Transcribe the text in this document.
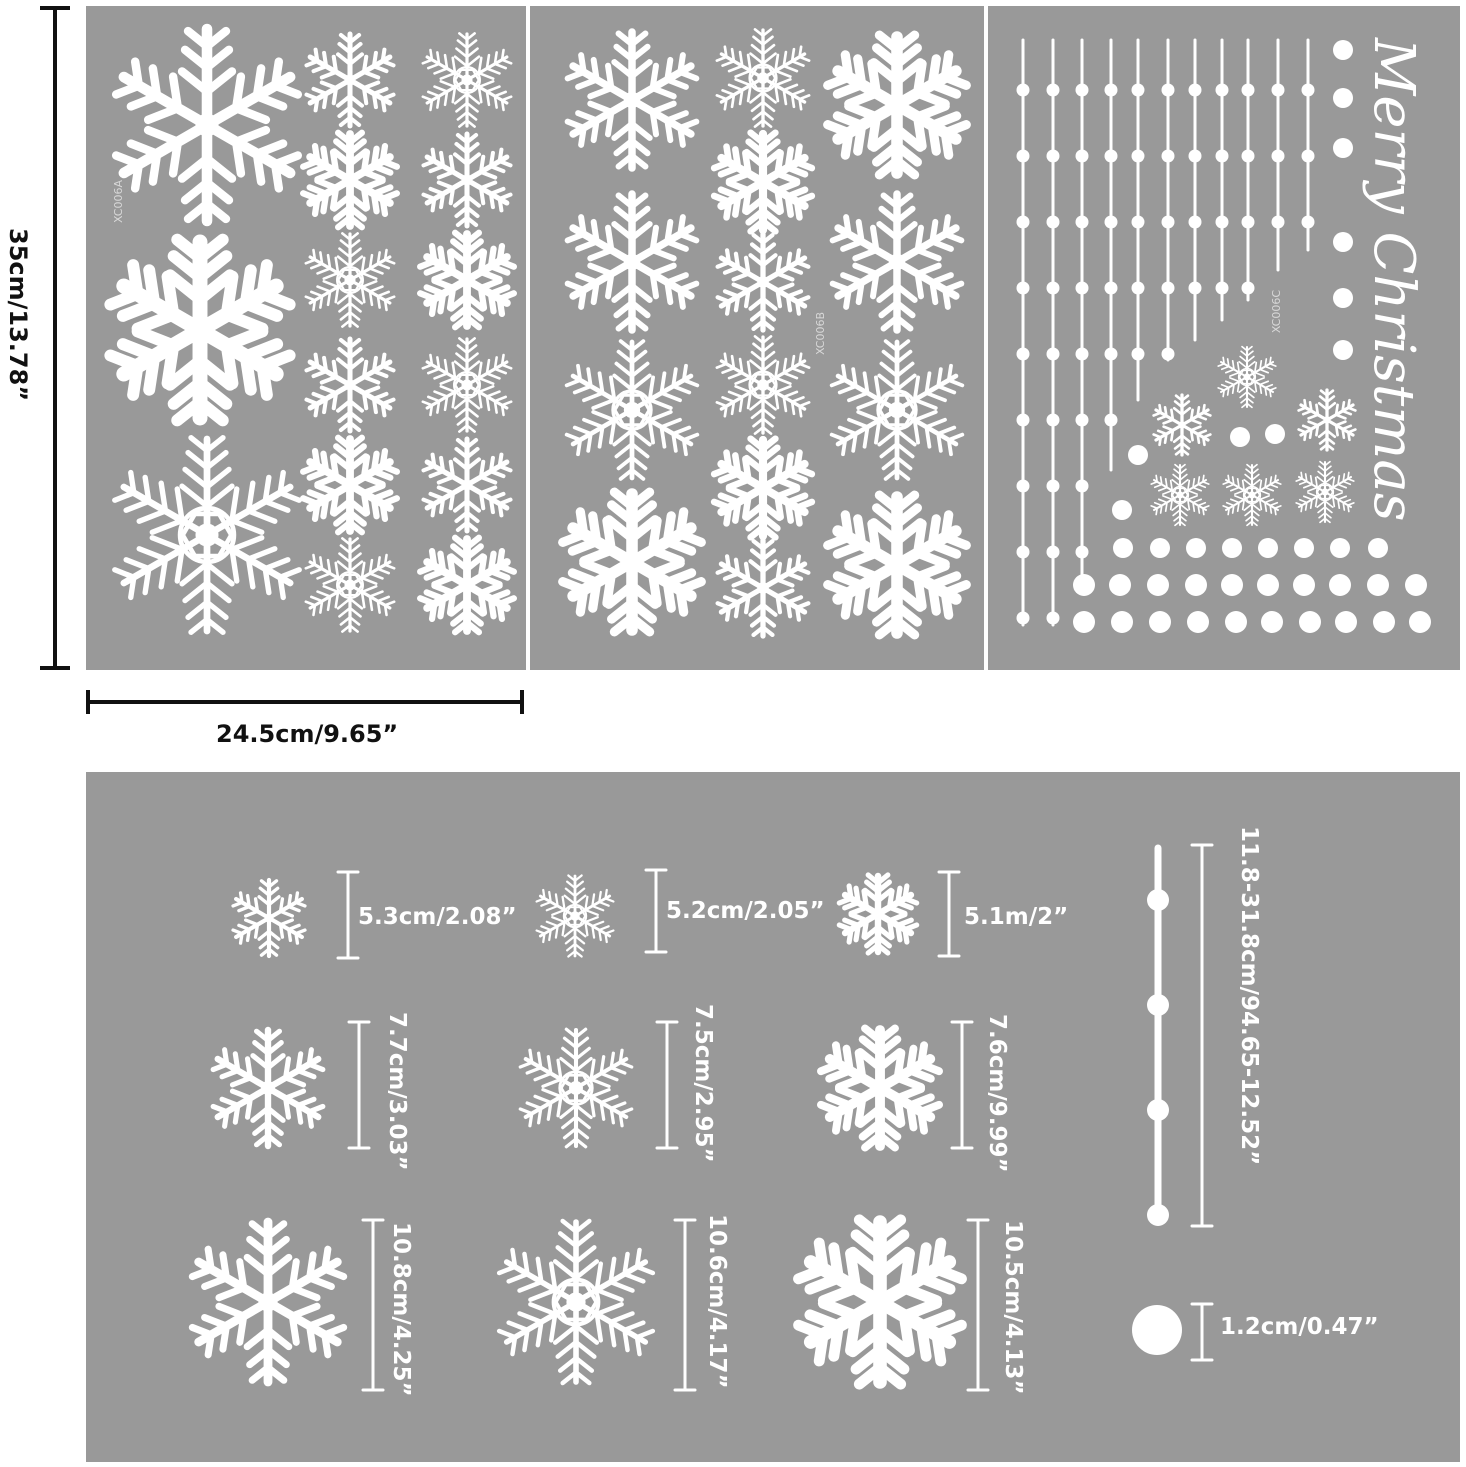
35cm/13.78”
24.5cm/9.65”
XC006A
XC006B
XC006C Merry Christmas
5.3cm/2.08”	5.2cm/2.05”	5.1m/2”
7.7cm/3.03”	7.5cm/2.95”	7.6cm/9.99”
10.8cm/4.25”	10.6cm/4.17”	10.5cm/4.13”
11.8-31.8cm/94.65-12.52”
1.2cm/0.47”
